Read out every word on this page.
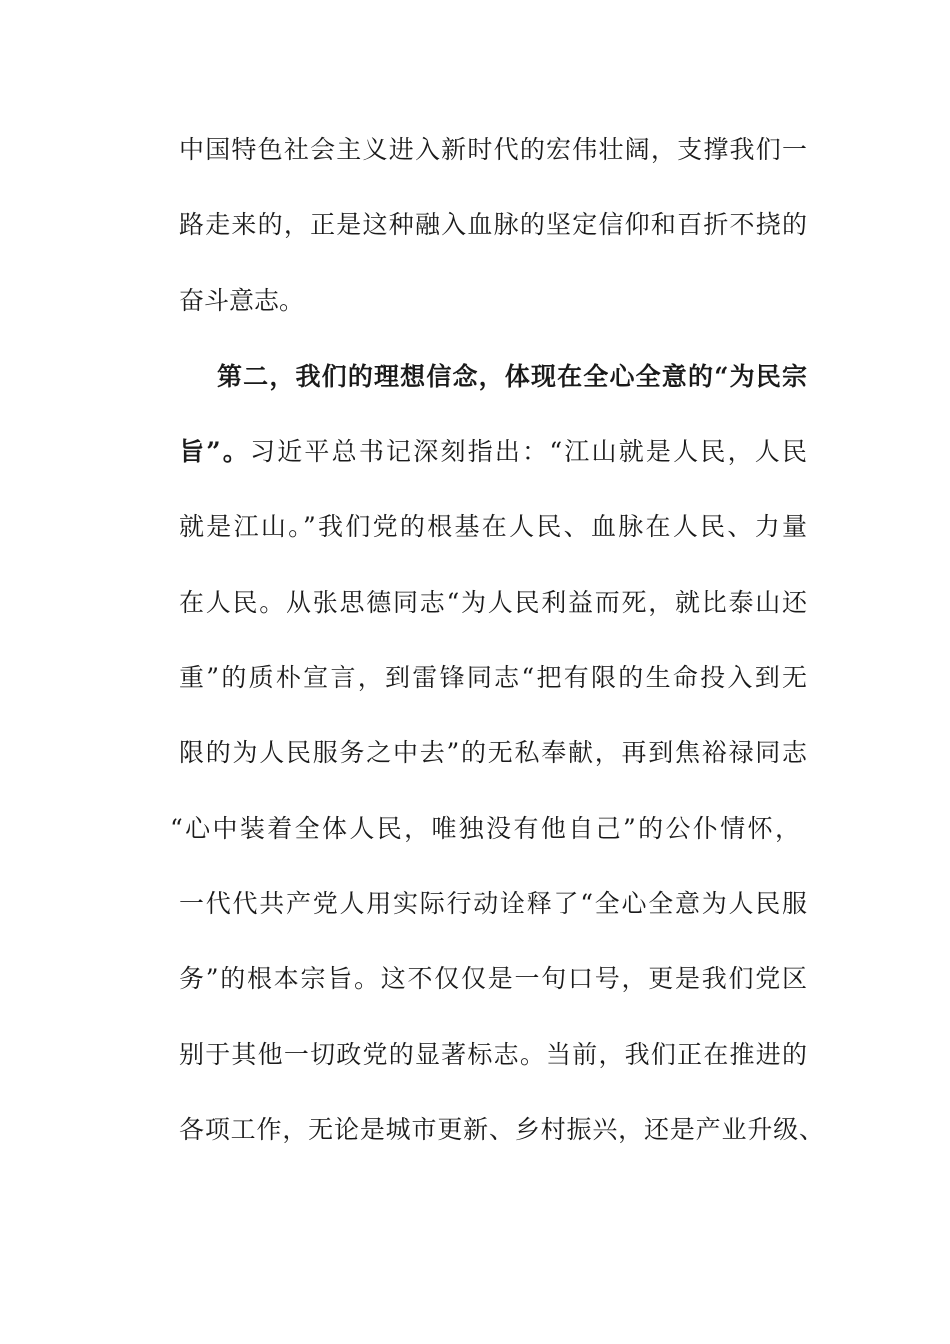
中国特色社会主义进入新时代的宏伟壮阔，支撑我们一
路走来的，正是这种融入血脉的坚定信仰和百折不挠的
奋斗意志。
第二，我们的理想信念，体现在全心全意的“为民宗
旨”。习近平总书记深刻指出：“江山就是人民，人民
就是江山。”我们党的根基在人民、血脉在人民、力量
在人民。从张思德同志“为人民利益而死，就比泰山还
重”的质朴宣言，到雷锋同志“把有限的生命投入到无
限的为人民服务之中去”的无私奉献，再到焦裕禄同志
“心中装着全体人民，唯独没有他自己”的公仆情怀，
一代代共产党人用实际行动诠释了“全心全意为人民服
务”的根本宗旨。这不仅仅是一句口号，更是我们党区
别于其他一切政党的显著标志。当前，我们正在推进的
各项工作，无论是城市更新、乡村振兴，还是产业升级、
